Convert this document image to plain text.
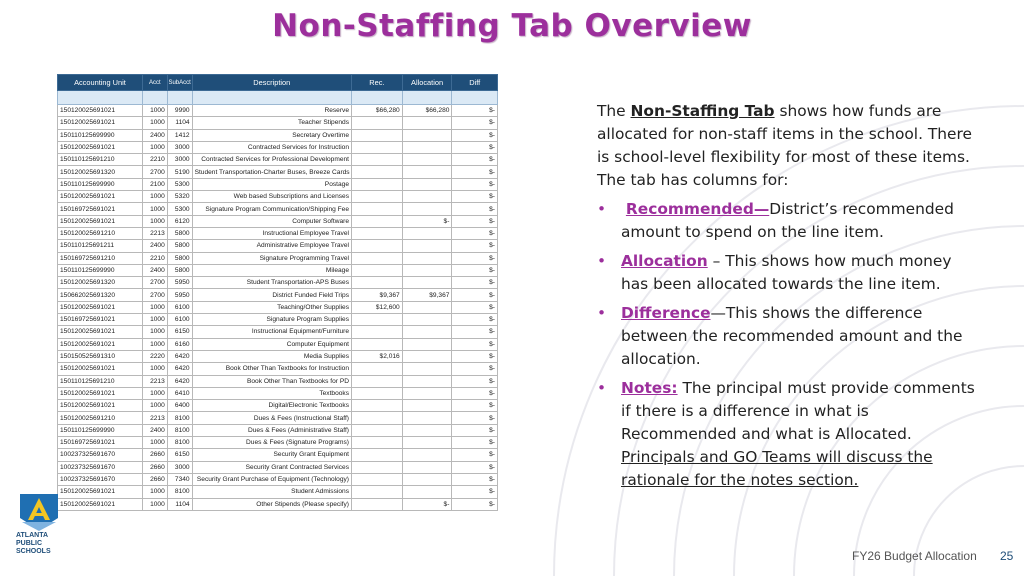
Non-Staffing Tab Overview
Accounting Unit	Acct	SubAcct	Description	Rec.	Allocation	Diff

150120025691021	1000	9990	Reserve	$66,280	$66,280	$-
150120025691021	1000	1104	Teacher Stipends			$-
150110125699990	2400	1412	Secretary Overtime			$-
150120025691021	1000	3000	Contracted Services for Instruction			$-
150110125691210	2210	3000	Contracted Services for Professional Development			$-
150120025691320	2700	5190	Student Transportation-Charter Buses, Breeze Cards			$-
150110125699990	2100	5300	Postage			$-
150120025691021	1000	5320	Web based Subscriptions and Licenses			$-
150169725691021	1000	5300	Signature Program Communication/Shipping Fee			$-
150120025691021	1000	6120	Computer Software		$-	$-
150120025691210	2213	5800	Instructional Employee Travel			$-
150110125691211	2400	5800	Administrative Employee Travel			$-
150169725691210	2210	5800	Signature Programming Travel			$-
150110125699990	2400	5800	Mileage			$-
150120025691320	2700	5950	Student Transportation-APS Buses			$-
150662025691320	2700	5950	District Funded Field Trips	$9,367	$9,367	$-
150120025691021	1000	6100	Teaching/Other Supplies	$12,600		$-
150169725691021	1000	6100	Signature Program Supplies			$-
150120025691021	1000	6150	Instructional Equipment/Furniture			$-
150120025691021	1000	6160	Computer Equipment			$-
150150525691310	2220	6420	Media Supplies	$2,016		$-
150120025691021	1000	6420	Book Other Than Textbooks for Instruction			$-
150110125691210	2213	6420	Book Other Than Textbooks for PD			$-
150120025691021	1000	6410	Textbooks			$-
150120025691021	1000	6400	Digital/Electronic Textbooks			$-
150120025691210	2213	8100	Dues & Fees (Instructional Staff)			$-
150110125699990	2400	8100	Dues & Fees (Administrative Staff)			$-
150169725691021	1000	8100	Dues & Fees (Signature Programs)			$-
100237325691670	2660	6150	Security Grant Equipment			$-
100237325691670	2660	3000	Security Grant Contracted Services			$-
100237325691670	2660	7340	Security Grant Purchase of Equipment (Technology)			$-
150120025691021	1000	8100	Student Admissions			$-
150120025691021	1000	1104	Other Stipends (Please specify)		$-	$-

The Non-Staffing Tab shows how funds are allocated for non-staff items in the school. There is school-level flexibility for most of these items. The tab has columns for:

• Recommended—District’s recommended amount to spend on the line item.
• Allocation – This shows how much money has been allocated towards the line item.
• Difference—This shows the difference between the recommended amount and the allocation.
• Notes: The principal must provide comments if there is a difference in what is Recommended and what is Allocated. Principals and GO Teams will discuss the rationale for the notes section.
ATLANTA
PUBLIC
SCHOOLS	FY26 Budget Allocation 25
